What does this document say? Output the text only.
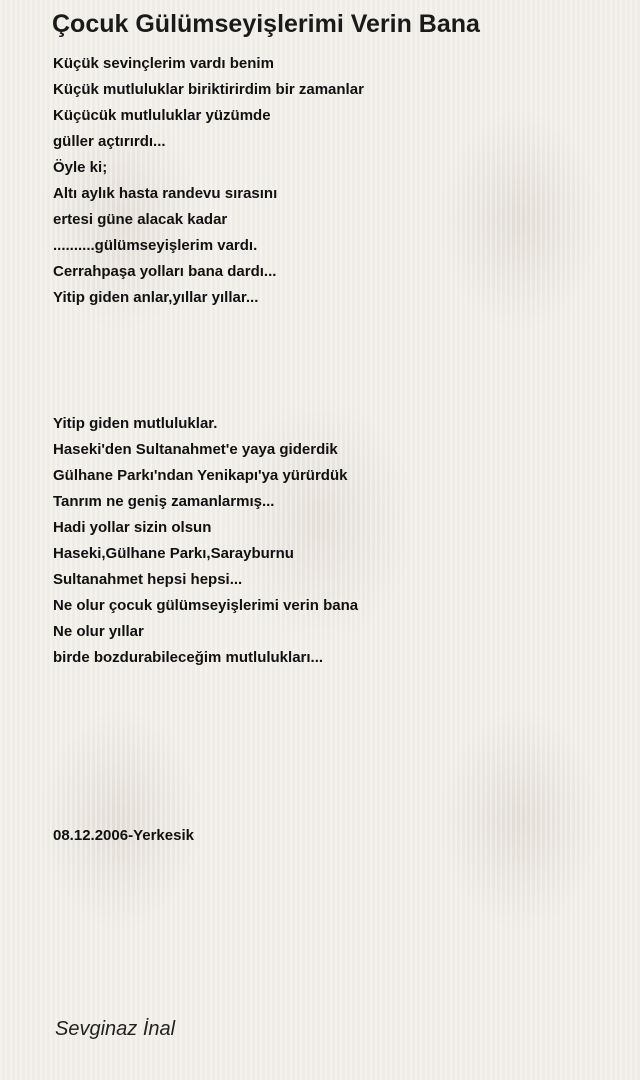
Çocuk Gülümseyişlerimi Verin Bana
Küçük sevinçlerim vardı benim
Küçük mutluluklar biriktirirdim bir zamanlar
Küçücük mutluluklar yüzümde
güller açtırırdı...
Öyle ki;
Altı aylık hasta randevu sırasını
ertesi güne alacak kadar
..........gülümseyişlerim vardı.
Cerrahpaşa yolları bana dardı...
Yitip giden anlar,yıllar yıllar...
Yitip giden mutluluklar.
Haseki'den Sultanahmet'e yaya giderdik
Gülhane Parkı'ndan Yenikapı'ya yürürdük
Tanrım ne geniş zamanlarmış...
Hadi yollar sizin olsun
Haseki,Gülhane Parkı,Sarayburnu
Sultanahmet hepsi hepsi...
Ne olur çocuk gülümseyişlerimi verin bana
Ne olur yıllar
birde bozdurabileceğim mutlulukları...
08.12.2006-Yerkesik
Sevginaz İnal
